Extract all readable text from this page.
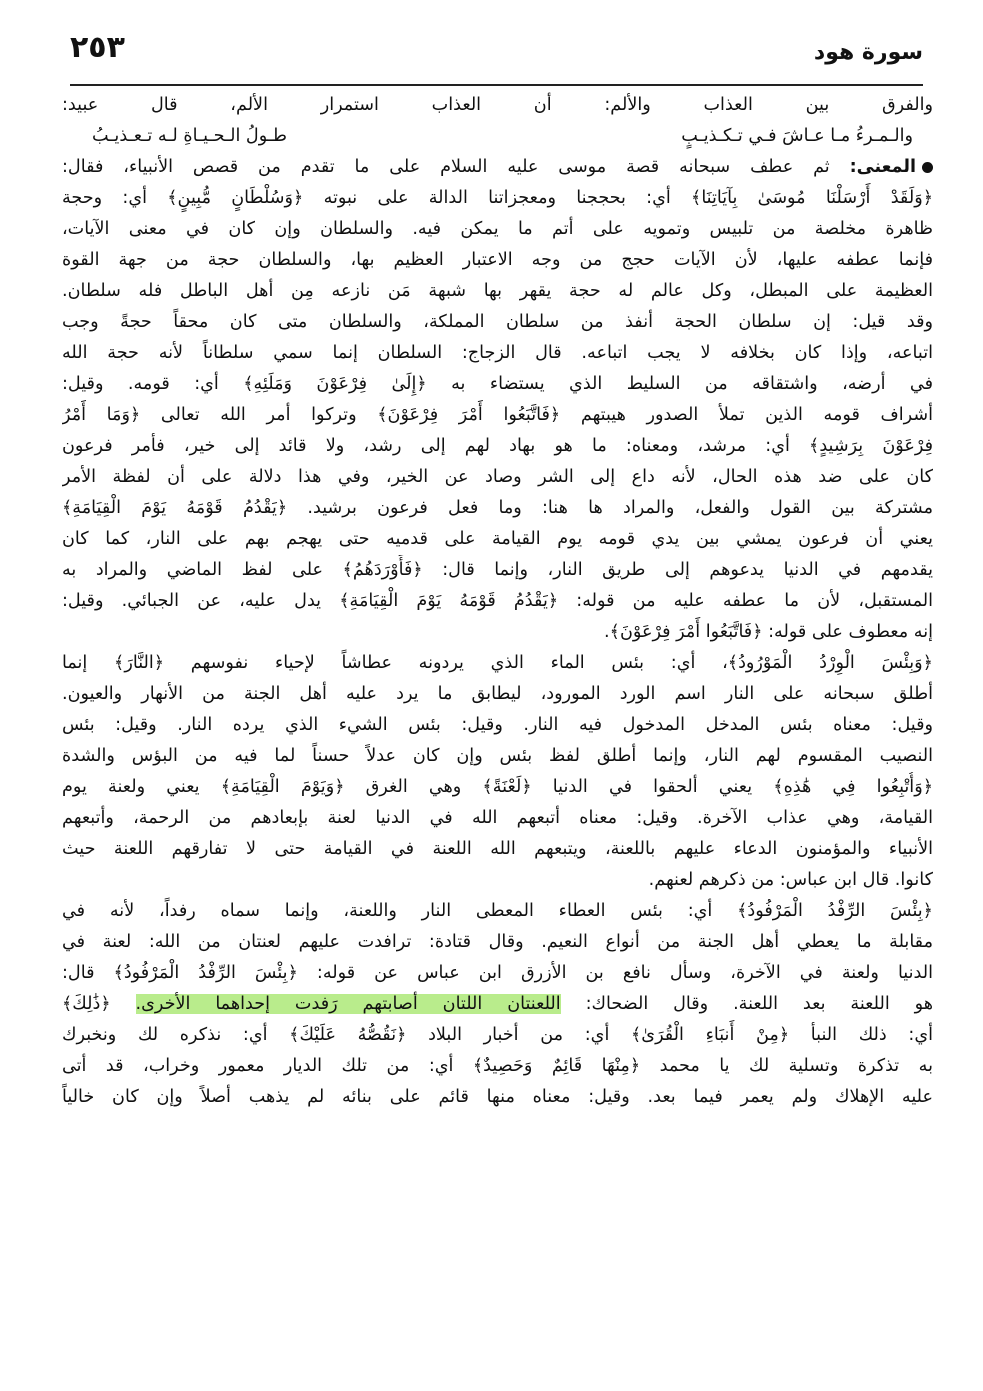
سورة هود
٢٥٣
والفرق بين العذاب والألم: أن العذاب استمرار الألم، قال عبيد:
والـمـرءُ مـا عـاشَ فـي تـكـذيـبٍ
طـولُ الـحـيـاةِ لـه تـعـذيـبُ
المعنى: ثم عطف سبحانه قصة موسى عليه السلام على ما تقدم من قصص الأنبياء، فقال:
﴿وَلَقَدْ أَرْسَلْنَا مُوسَىٰ بِآيَاتِنَا﴾ أي: بحججنا ومعجزاتنا الدالة على نبوته ﴿وَسُلْطَانٍ مُّبِينٍ﴾ أي: وحجة
ظاهرة مخلصة من تلبيس وتمويه على أتم ما يمكن فيه. والسلطان وإن كان في معنى الآيات،
فإنما عطفه عليها، لأن الآيات حجج من وجه الاعتبار العظيم بها، والسلطان حجة من جهة القوة
العظيمة على المبطل، وكل عالم له حجة يقهر بها شبهة مَن نازعه مِن أهل الباطل فله سلطان.
وقد قيل: إن سلطان الحجة أنفذ من سلطان المملكة، والسلطان متى كان محقاً حجةً وجب
اتباعه، وإذا كان بخلافه لا يجب اتباعه. قال الزجاج: السلطان إنما سمي سلطاناً لأنه حجة الله
في أرضه، واشتقاقه من السليط الذي يستضاء به ﴿إِلَىٰ فِرْعَوْنَ وَمَلَئِهِ﴾ أي: قومه. وقيل:
أشراف قومه الذين تملأ الصدور هيبتهم ﴿فَاتَّبَعُوا أَمْرَ فِرْعَوْنَ﴾ وتركوا أمر الله تعالى ﴿وَمَا أَمْرُ
فِرْعَوْنَ بِرَشِيدٍ﴾ أي: مرشد، ومعناه: ما هو بهاد لهم إلى رشد، ولا قائد إلى خير، فأمر فرعون
كان على ضد هذه الحال، لأنه داع إلى الشر وصاد عن الخير، وفي هذا دلالة على أن لفظة الأمر
مشتركة بين القول والفعل، والمراد ها هنا: وما فعل فرعون برشيد. ﴿يَقْدُمُ قَوْمَهُ يَوْمَ الْقِيَامَةِ﴾
يعني أن فرعون يمشي بين يدي قومه يوم القيامة على قدميه حتى يهجم بهم على النار، كما كان
يقدمهم في الدنيا يدعوهم إلى طريق النار، وإنما قال: ﴿فَأَوْرَدَهُمُ﴾ على لفظ الماضي والمراد به
المستقبل، لأن ما عطفه عليه من قوله: ﴿يَقْدُمُ قَوْمَهُ يَوْمَ الْقِيَامَةِ﴾ يدل عليه، عن الجبائي. وقيل:
إنه معطوف على قوله: ﴿فَاتَّبَعُوا أَمْرَ فِرْعَوْنَ﴾.
﴿وَبِئْسَ الْوِرْدُ الْمَوْرُودُ﴾، أي: بئس الماء الذي يردونه عطاشاً لإحياء نفوسهم ﴿النَّارَ﴾ إنما
أطلق سبحانه على النار اسم الورد المورود، ليطابق ما يرد عليه أهل الجنة من الأنهار والعيون.
وقيل: معناه بئس المدخل المدخول فيه النار. وقيل: بئس الشيء الذي يرده النار. وقيل: بئس
النصيب المقسوم لهم النار، وإنما أطلق لفظ بئس وإن كان عدلاً حسناً لما فيه من البؤس والشدة
﴿وَأُتْبِعُوا فِي هَٰذِهِ﴾ يعني ألحقوا في الدنيا ﴿لَعْنَةً﴾ وهي الغرق ﴿وَيَوْمَ الْقِيَامَةِ﴾ يعني ولعنة يوم
القيامة، وهي عذاب الآخرة. وقيل: معناه أتبعهم الله في الدنيا لعنة بإبعادهم من الرحمة، وأتبعهم
الأنبياء والمؤمنون الدعاء عليهم باللعنة، ويتبعهم الله اللعنة في القيامة حتى لا تفارقهم اللعنة حيث
كانوا. قال ابن عباس: من ذكرهم لعنهم.
﴿بِئْسَ الرِّفْدُ الْمَرْفُودُ﴾ أي: بئس العطاء المعطى النار واللعنة، وإنما سماه رفداً، لأنه في
مقابلة ما يعطي أهل الجنة من أنواع النعيم. وقال قتادة: ترافدت عليهم لعنتان من الله: لعنة في
الدنيا ولعنة في الآخرة، وسأل نافع بن الأزرق ابن عباس عن قوله: ﴿بِئْسَ الرِّفْدُ الْمَرْفُودُ﴾ قال:
هو اللعنة بعد اللعنة. وقال الضحاك: اللعنتان اللتان أصابتهم رَفدت إحداهما الأخرى. ﴿ذَٰلِكَ﴾
أي: ذلك النبأ ﴿مِنْ أَنبَاءِ الْقُرَىٰ﴾ أي: من أخبار البلاد ﴿نَقُصُّهُ عَلَيْكَ﴾ أي: نذكره لك ونخبرك
به تذكرة وتسلية لك يا محمد ﴿مِنْهَا قَائِمٌ وَحَصِيدٌ﴾ أي: من تلك الديار معمور وخراب، قد أتى
عليه الإهلاك ولم يعمر فيما بعد. وقيل: معناه منها قائم على بنائه لم يذهب أصلاً وإن كان خالياً
